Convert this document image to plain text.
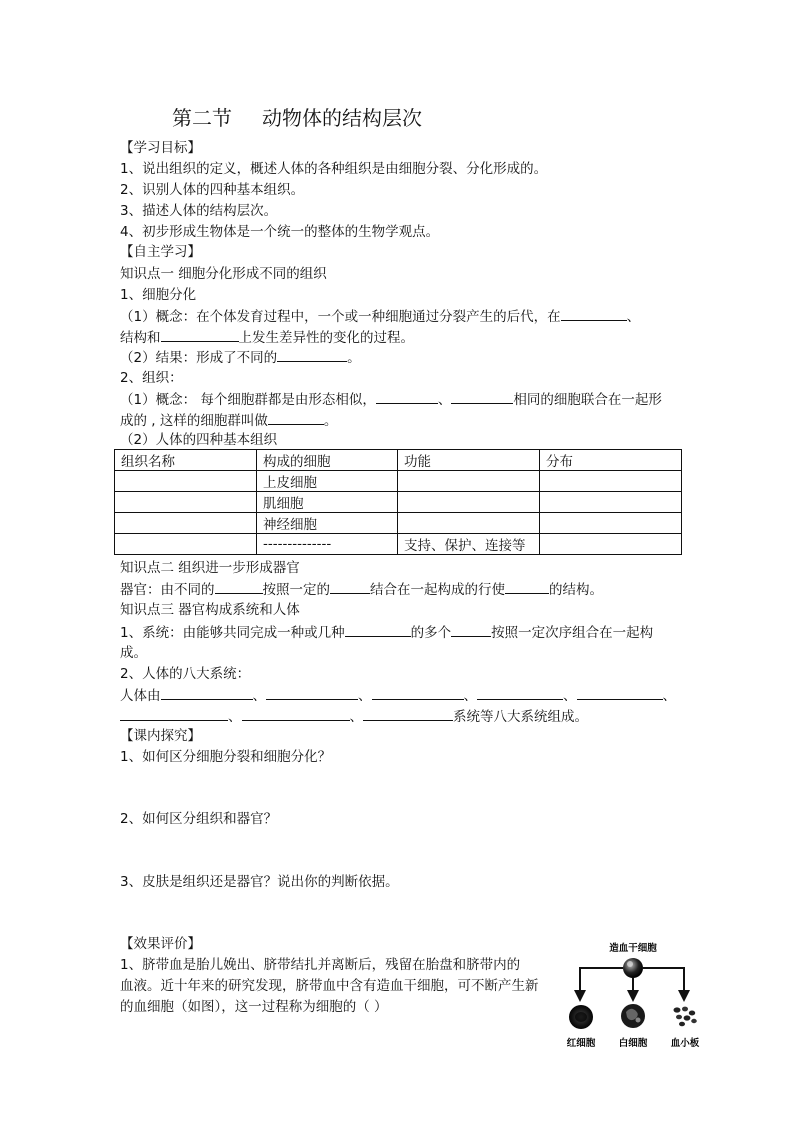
第二节 动物体的结构层次
【学习目标】
1、说出组织的定义，概述人体的各种组织是由细胞分裂、分化形成的。
2、识别人体的四种基本组织。
3、描述人体的结构层次。
4、初步形成生物体是一个统一的整体的生物学观点。
【自主学习】
知识点一 细胞分化形成不同的组织
1、细胞分化
（1）概念：在个体发育过程中，一个或一种细胞通过分裂产生的后代，在	、
结构和	上发生差异性的变化的过程。
（2）结果：形成了不同的	。
2、组织：
（1）概念： 每个细胞群都是由形态相似，	、	相同的细胞联合在一起形
成的 , 这样的细胞群叫做	。
（2）人体的四种基本组织
组织名称	构成的细胞	功能	分布
	上皮细胞		
	肌细胞		
	神经细胞		
	--------------	支持、保护、连接等	
知识点二 组织进一步形成器官
器官：由不同的	按照一定的	结合在一起构成的行使	的结构。
知识点三 器官构成系统和人体
1、系统：由能够共同完成一种或几种	的多个	按照一定次序组合在一起构
成。
2、人体的八大系统：
人体由	、	、	、	、	、
、	、	系统等八大系统组成。
【课内探究】
1、如何区分细胞分裂和细胞分化？
2、如何区分组织和器官？
3、皮肤是组织还是器官？说出你的判断依据。
【效果评价】
1、脐带血是胎儿娩出、脐带结扎并离断后，残留在胎盘和脐带内的
血液。近十年来的研究发现，脐带血中含有造血干细胞，可不断产生新
的血细胞（如图），这一过程称为细胞的（ ）
造血干细胞
红细胞 白细胞 血小板
